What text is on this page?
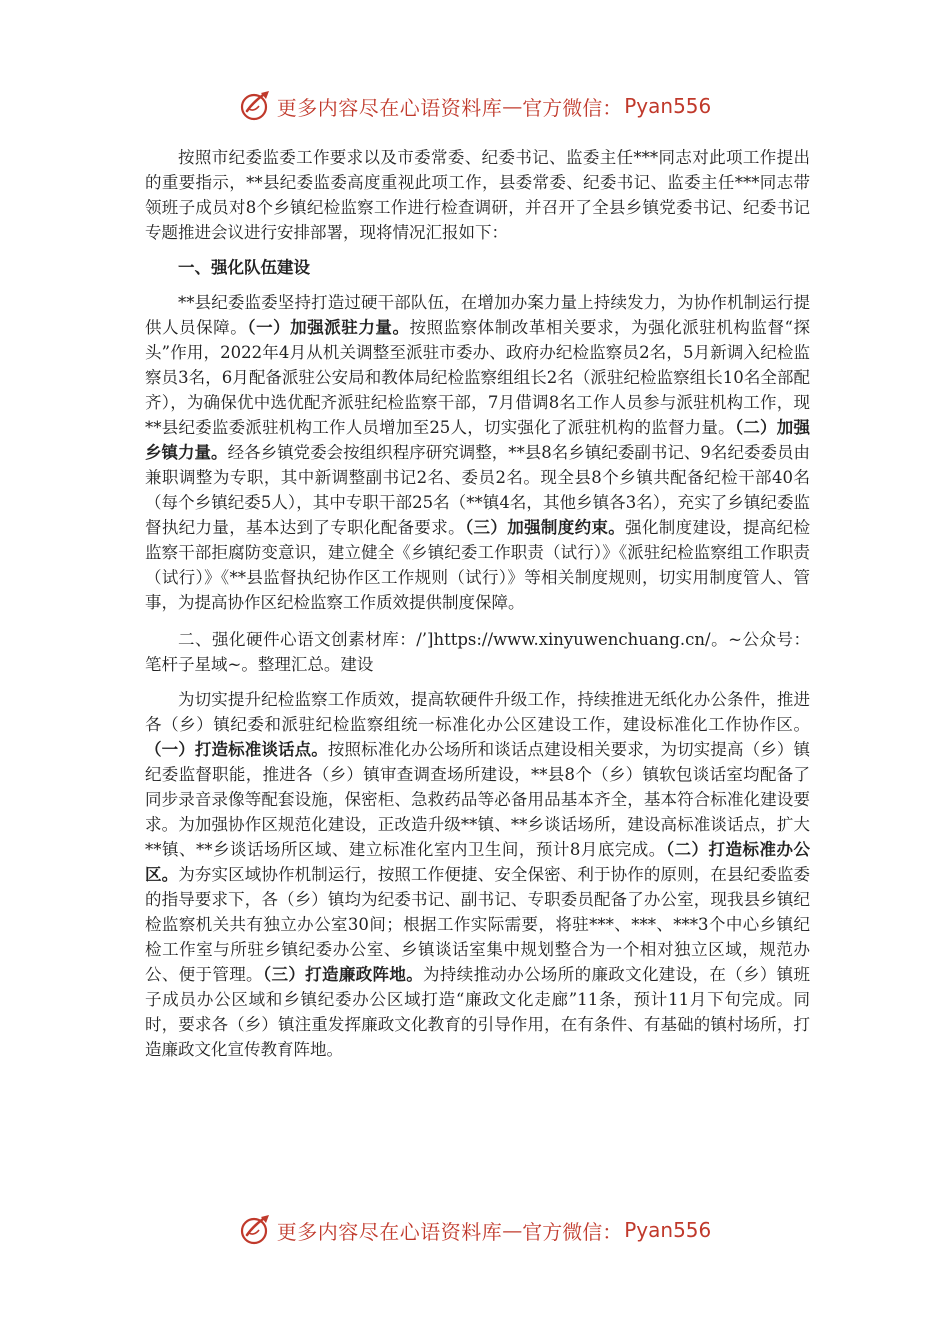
更多内容尽在心语资料库 — 官方微信： Pyan556

按照市纪委监委工作要求以及市委常委、纪委书记、监委主任***同志对此项工作提出的重要指示，**县纪委监委高度重视此项工作，县委常委、纪委书记、监委主任***同志带领班子成员对8个乡镇纪检监察工作进行检查调研，并召开了全县乡镇党委书记、纪委书记专题推进会议进行安排部署，现将情况汇报如下：

一、强化队伍建设

**县纪委监委坚持打造过硬干部队伍，在增加办案力量上持续发力，为协作机制运行提供人员保障。（一）加强派驻力量。按照监察体制改革相关要求，为强化派驻机构监督“探头”作用，2022年4月从机关调整至派驻市委办、政府办纪检监察员2名，5月新调入纪检监察员3名，6月配备派驻公安局和教体局纪检监察组组长2名（派驻纪检监察组长10名全部配齐），为确保优中选优配齐派驻纪检监察干部，7月借调8名工作人员参与派驻机构工作，现**县纪委监委派驻机构工作人员增加至25人，切实强化了派驻机构的监督力量。（二）加强乡镇力量。经各乡镇党委会按组织程序研究调整，**县8名乡镇纪委副书记、9名纪委委员由兼职调整为专职，其中新调整副书记2名、委员2名。现全县8个乡镇共配备纪检干部40名（每个乡镇纪委5人），其中专职干部25名（**镇4名，其他乡镇各3名），充实了乡镇纪委监督执纪力量，基本达到了专职化配备要求。（三）加强制度约束。强化制度建设，提高纪检监察干部拒腐防变意识，建立健全《乡镇纪委工作职责（试行）》《派驻纪检监察组工作职责（试行）》《**县监督执纪协作区工作规则（试行）》等相关制度规则，切实用制度管人、管事，为提高协作区纪检监察工作质效提供制度保障。

二、强化硬件心语文创素材库：/’]https://www.xinyuwenchuang.cn/。~公众号：笔杆子星域~。整理汇总。建设

为切实提升纪检监察工作质效，提高软硬件升级工作，持续推进无纸化办公条件，推进各（乡）镇纪委和派驻纪检监察组统一标准化办公区建设工作，建设标准化工作协作区。（一）打造标准谈话点。按照标准化办公场所和谈话点建设相关要求，为切实提高（乡）镇纪委监督职能，推进各（乡）镇审查调查场所建设，**县8个（乡）镇软包谈话室均配备了同步录音录像等配套设施，保密柜、急救药品等必备用品基本齐全，基本符合标准化建设要求。为加强协作区规范化建设，正改造升级**镇、**乡谈话场所，建设高标准谈话点，扩大**镇、**乡谈话场所区域、建立标准化室内卫生间，预计8月底完成。（二）打造标准办公区。为夯实区域协作机制运行，按照工作便捷、安全保密、利于协作的原则，在县纪委监委的指导要求下，各（乡）镇均为纪委书记、副书记、专职委员配备了办公室，现我县乡镇纪检监察机关共有独立办公室30间；根据工作实际需要，将驻***、***、***3个中心乡镇纪检工作室与所驻乡镇纪委办公室、乡镇谈话室集中规划整合为一个相对独立区域，规范办公、便于管理。（三）打造廉政阵地。为持续推动办公场所的廉政文化建设，在（乡）镇班子成员办公区域和乡镇纪委办公区域打造“廉政文化走廊”11条，预计11月下旬完成。同时，要求各（乡）镇注重发挥廉政文化教育的引导作用，在有条件、有基础的镇村场所，打造廉政文化宣传教育阵地。

更多内容尽在心语资料库 — 官方微信： Pyan556
